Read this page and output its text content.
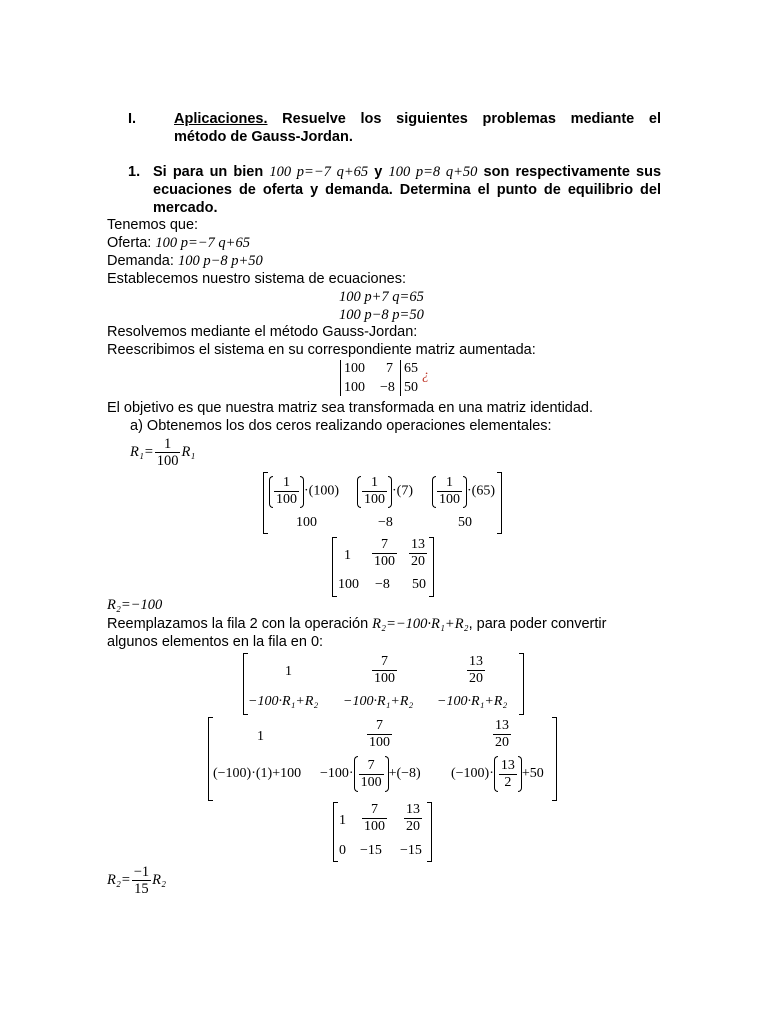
I.	Aplicaciones. Resuelve los siguientes problemas mediante el
método de Gauss-Jordan.
1. Si para un bien 100 p=−7 q+65 y 100 p=8 q+50 son respectivamente sus
ecuaciones de oferta y demanda. Determina el punto de equilibrio del
mercado.
Tenemos que:
Oferta: 100 p=−7 q+65
Demanda: 100 p−8 p+50
Establecemos nuestro sistema de ecuaciones:
100 p+7 q=65
100 p−8 p=50
Resolvemos mediante el método Gauss-Jordan:
Reescribimos el sistema en su correspondiente matriz aumentada:
100 7 65 ¿
100 −8 50
El objetivo es que nuestra matriz sea transformada en una matriz identidad.
a) Obtenemos los dos ceros realizando operaciones elementales:
$R_1= \frac{1}{100} R_1$
$\frac{1}{100} \cdot(100) \frac{1}{100} \cdot(7) \frac{1}{100} \cdot(65)$
100	−8	50
$1 \frac{7}{100} \frac{13}{20}$
100 −8 50
R₂=−100
Reemplazamos la fila 2 con la operación R₂=−100·R₁+R₂, para poder convertir
algunos elementos en la fila en 0:
1	$\frac{7}{100}$	$\frac{13}{20}$
−100·R₁+R₂ −100·R₁+R₂ −100·R₁+R₂
1	$\frac{7}{100}$	$\frac{13}{20}$
$(-100)\cdot(1)+100 -100\cdot \frac{7}{100} +(-8)$ $(-100)\cdot \frac{13}{2} +50$
$1 \frac{7}{100} \frac{13}{20}$
0 −15 −15
$R_2= \frac{-1}{15} R_2$
